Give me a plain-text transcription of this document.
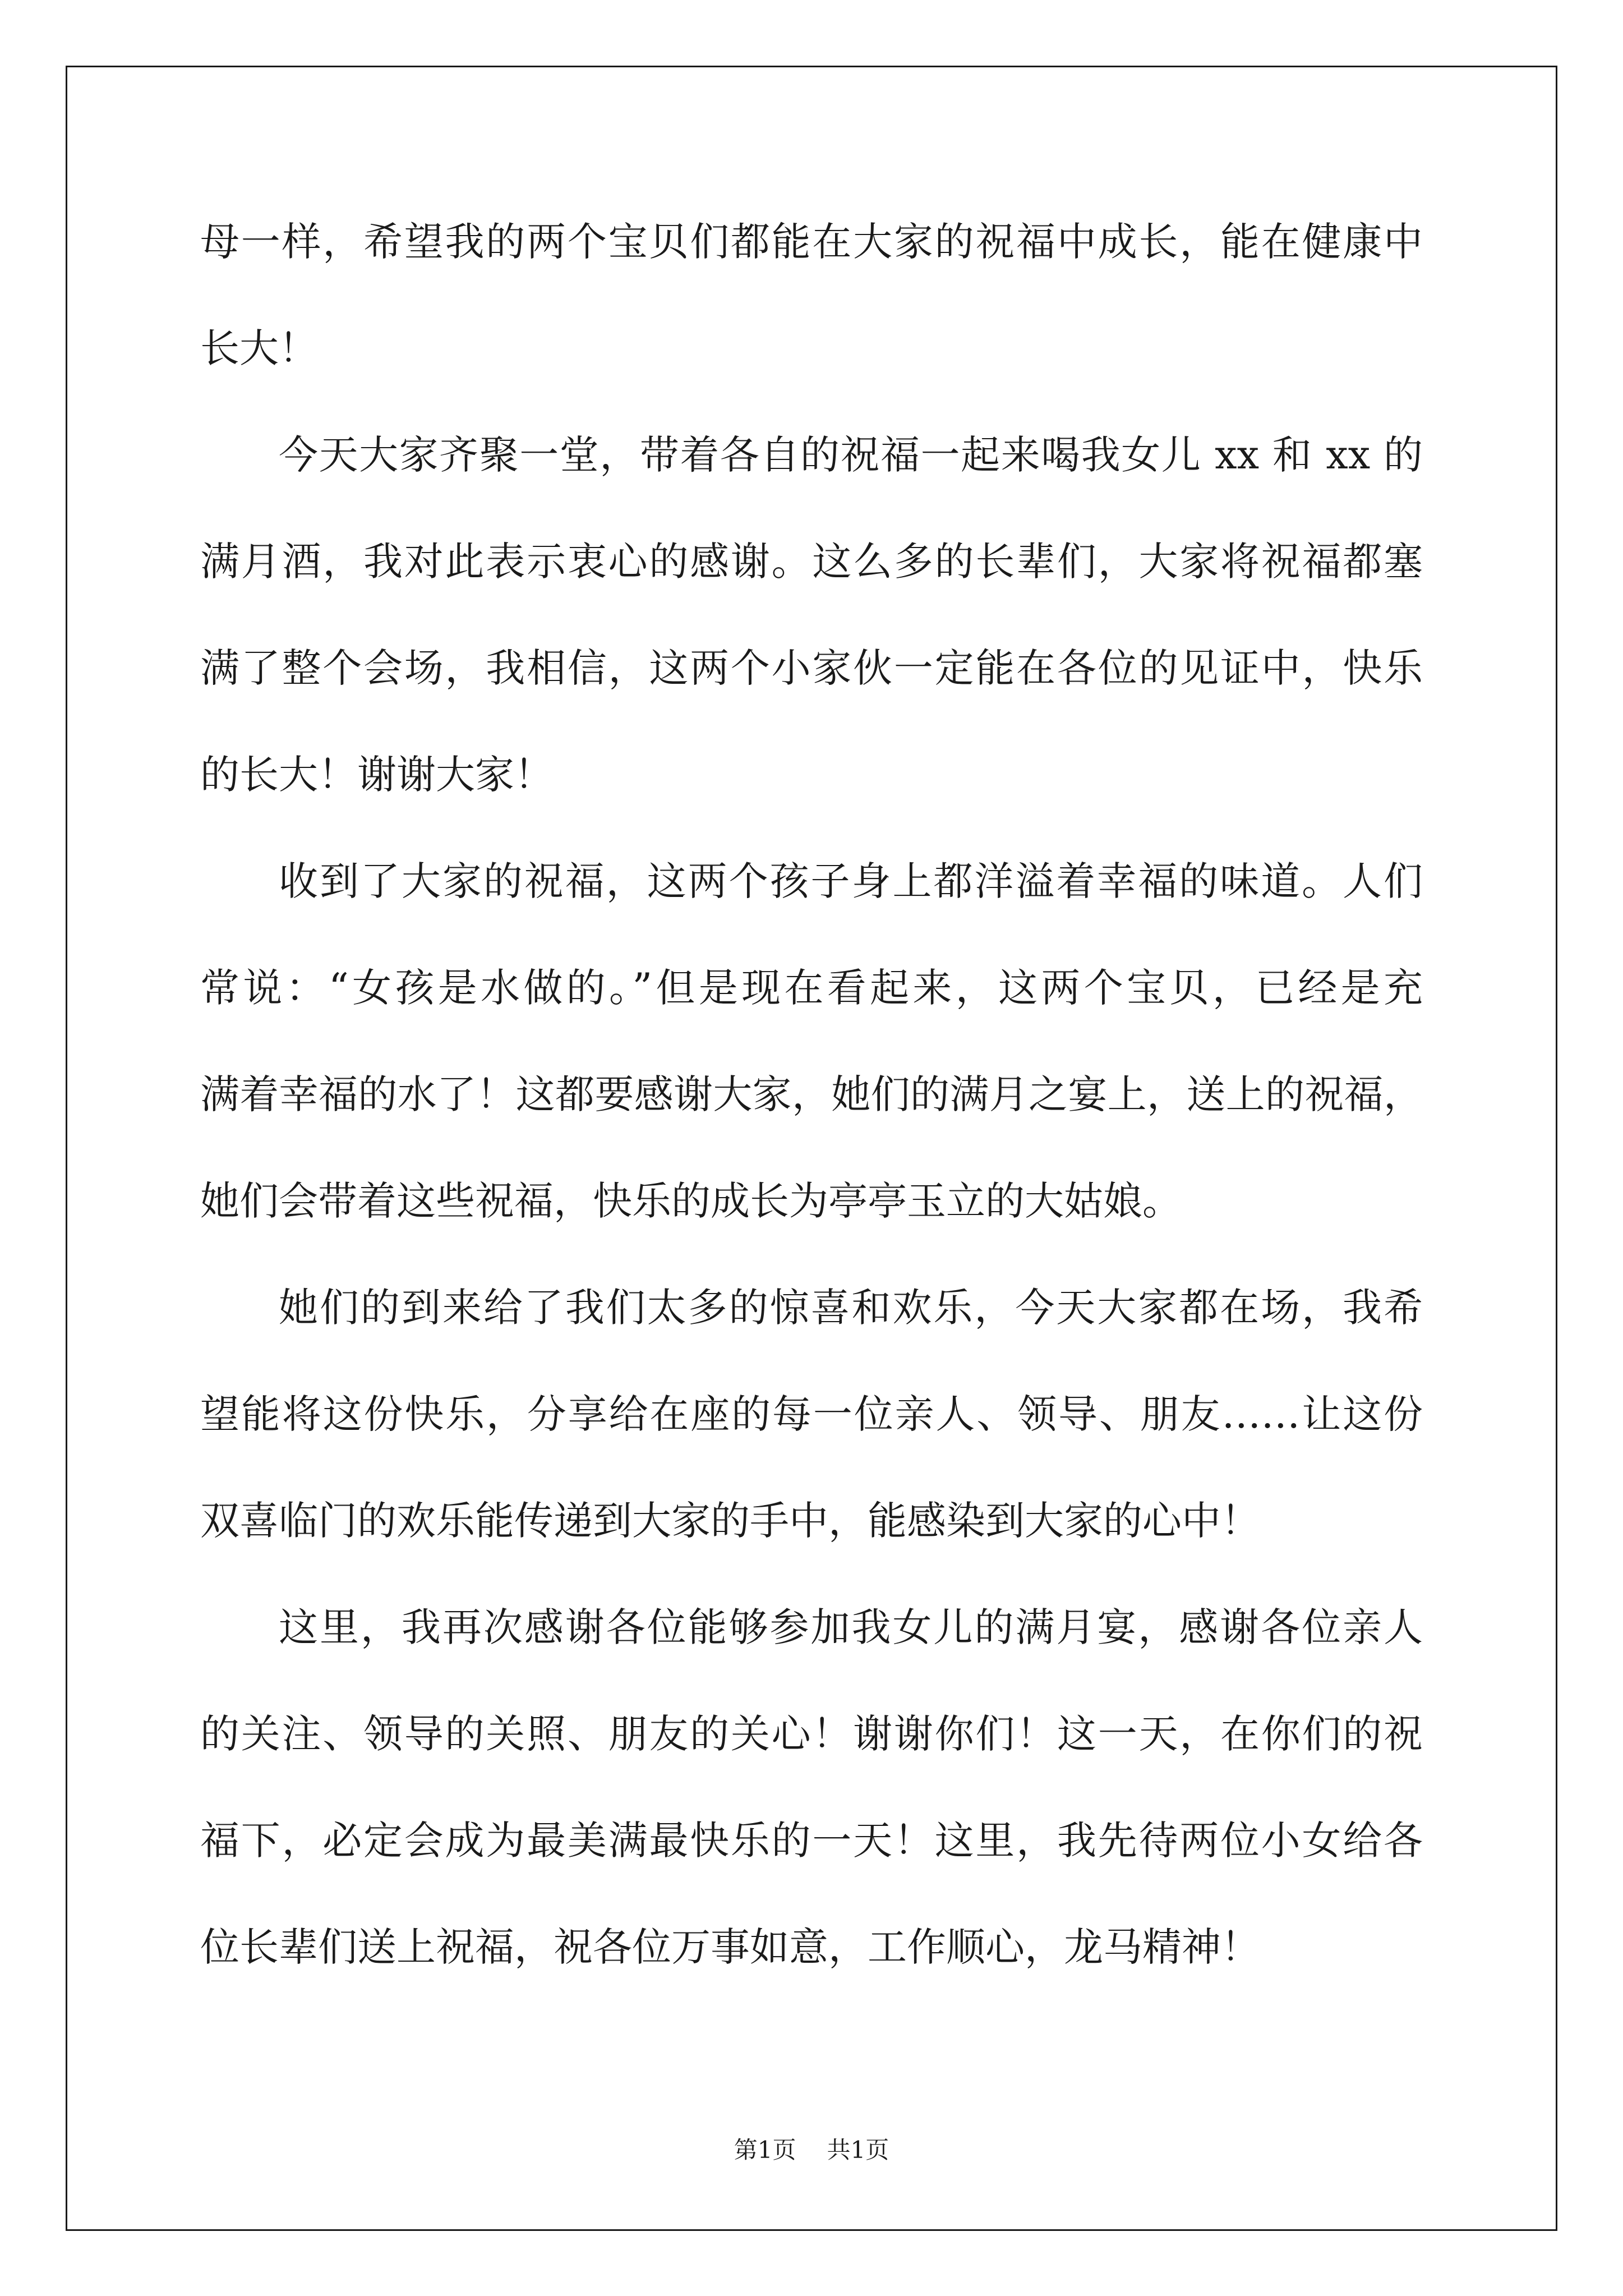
母一样，希望我的两个宝贝们都能在大家的祝福中成长，能在健康中
长大！
今天大家齐聚一堂，带着各自的祝福一起来喝我女儿 xx 和 xx 的
满月酒，我对此表示衷心的感谢。这么多的长辈们，大家将祝福都塞
满了整个会场，我相信，这两个小家伙一定能在各位的见证中，快乐
的长大！谢谢大家！
收到了大家的祝福，这两个孩子身上都洋溢着幸福的味道。人们
常说：“女孩是水做的。”但是现在看起来，这两个宝贝，已经是充
满着幸福的水了！这都要感谢大家，她们的满月之宴上，送上的祝福，
她们会带着这些祝福，快乐的成长为亭亭玉立的大姑娘。
她们的到来给了我们太多的惊喜和欢乐，今天大家都在场，我希
望能将这份快乐，分享给在座的每一位亲人、领导、朋友……让这份
双喜临门的欢乐能传递到大家的手中，能感染到大家的心中！
这里，我再次感谢各位能够参加我女儿的满月宴，感谢各位亲人
的关注、领导的关照、朋友的关心！谢谢你们！这一天，在你们的祝
福下，必定会成为最美满最快乐的一天！这里，我先待两位小女给各
位长辈们送上祝福，祝各位万事如意，工作顺心，龙马精神！
第1页 共1页
